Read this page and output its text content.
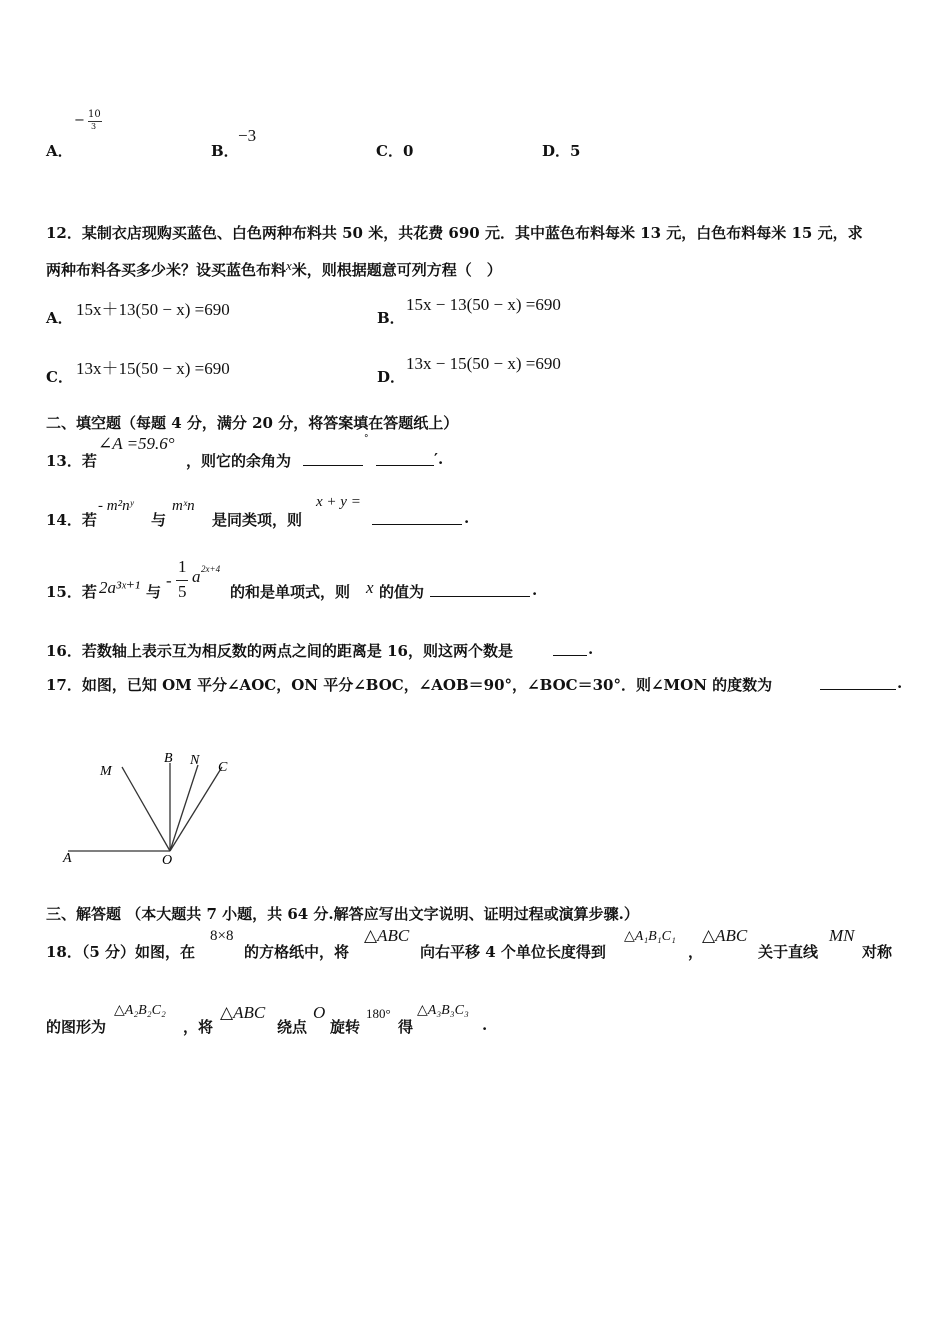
A．
− 10
3
B．
−3
C．0	D．5
12．某制衣店现购买蓝色、白色两种布料共 50 米，共花费 690 元．其中蓝色布料每米 13 元，白色布料每米 15 元，求
两种布料各买多少米？设买蓝色布料x米，则根据题意可列方程（　）
A． 15x＋13(50 − x) =690	B．
15x − 13(50 − x) =690
C． 13x＋15(50 − x) =690	D．
13x − 15(50 − x) =690
二、填空题（每题 4 分，满分 20 分，将答案填在答题纸上）
13．若
∠A =59.6°
，则它的余角为
°
′.
14．若
- m²nʸ
与
mˣn
是同类项，则
x + y =
.
15．若 2a³ˣ⁺¹ 与
-
1
5
a 2x+4
的和是单项式，则 x 的值为	.
16．若数轴上表示互为相反数的两点之间的距离是 16，则这两个数是	.
17．如图，已知 OM 平分∠AOC，ON 平分∠BOC，∠AOB＝90°，∠BOC＝30°．则∠MON 的度数为	.
M
B N C
A	O
三、解答题 （本大题共 7 小题，共 64 分.解答应写出文字说明、证明过程或演算步骤.）
18．（5 分）如图，在
8×8
的方格纸中，将
△ABC
向右平移 4 个单位长度得到
△A₁B₁C₁
，
△ABC
关于直线
MN
对称
的图形为
△A₂B₂C₂
，将
△ABC
绕点
O
旋转
180°
得
△A₃B₃C₃
.
